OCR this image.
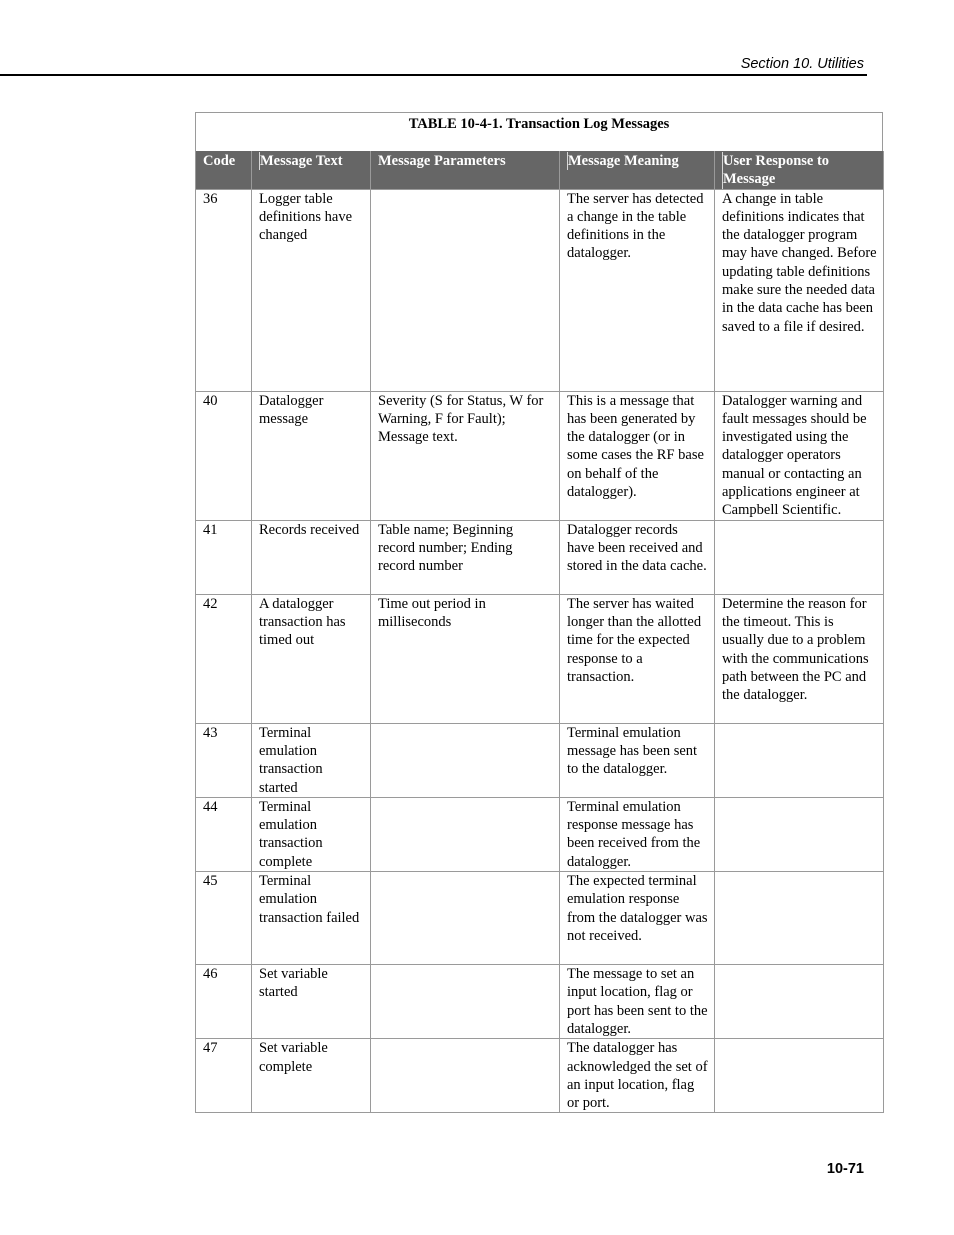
Section 10. Utilities
TABLE 10-4-1. Transaction Log Messages
Code	Message Text	Message Parameters	Message Meaning	User Response to Message

36	Logger table definitions have changed		The server has detected a change in the table definitions in the datalogger.	A change in table definitions indicates that the datalogger program may have changed. Before updating table definitions make sure the needed data in the data cache has been saved to a file if desired.
40	Datalogger message	Severity (S for Status, W for Warning, F for Fault); Message text.	This is a message that has been generated by the datalogger (or in some cases the RF base on behalf of the datalogger).	Datalogger warning and fault messages should be investigated using the datalogger operators manual or contacting an applications engineer at Campbell Scientific.
41	Records received	Table name; Beginning record number; Ending record number	Datalogger records have been received and stored in the data cache.	
42	A datalogger transaction has timed out	Time out period in milliseconds	The server has waited longer than the allotted time for the expected response to a transaction.	Determine the reason for the timeout. This is usually due to a problem with the communications path between the PC and the datalogger.
43	Terminal emulation transaction started		Terminal emulation message has been sent to the datalogger.	
44	Terminal emulation transaction complete		Terminal emulation response message has been received from the datalogger.	
45	Terminal emulation transaction failed		The expected terminal emulation response from the datalogger was not received.	
46	Set variable started		The message to set an input location, flag or port has been sent to the datalogger.	
47	Set variable complete		The datalogger has acknowledged the set of an input location, flag or port.	
10-71
